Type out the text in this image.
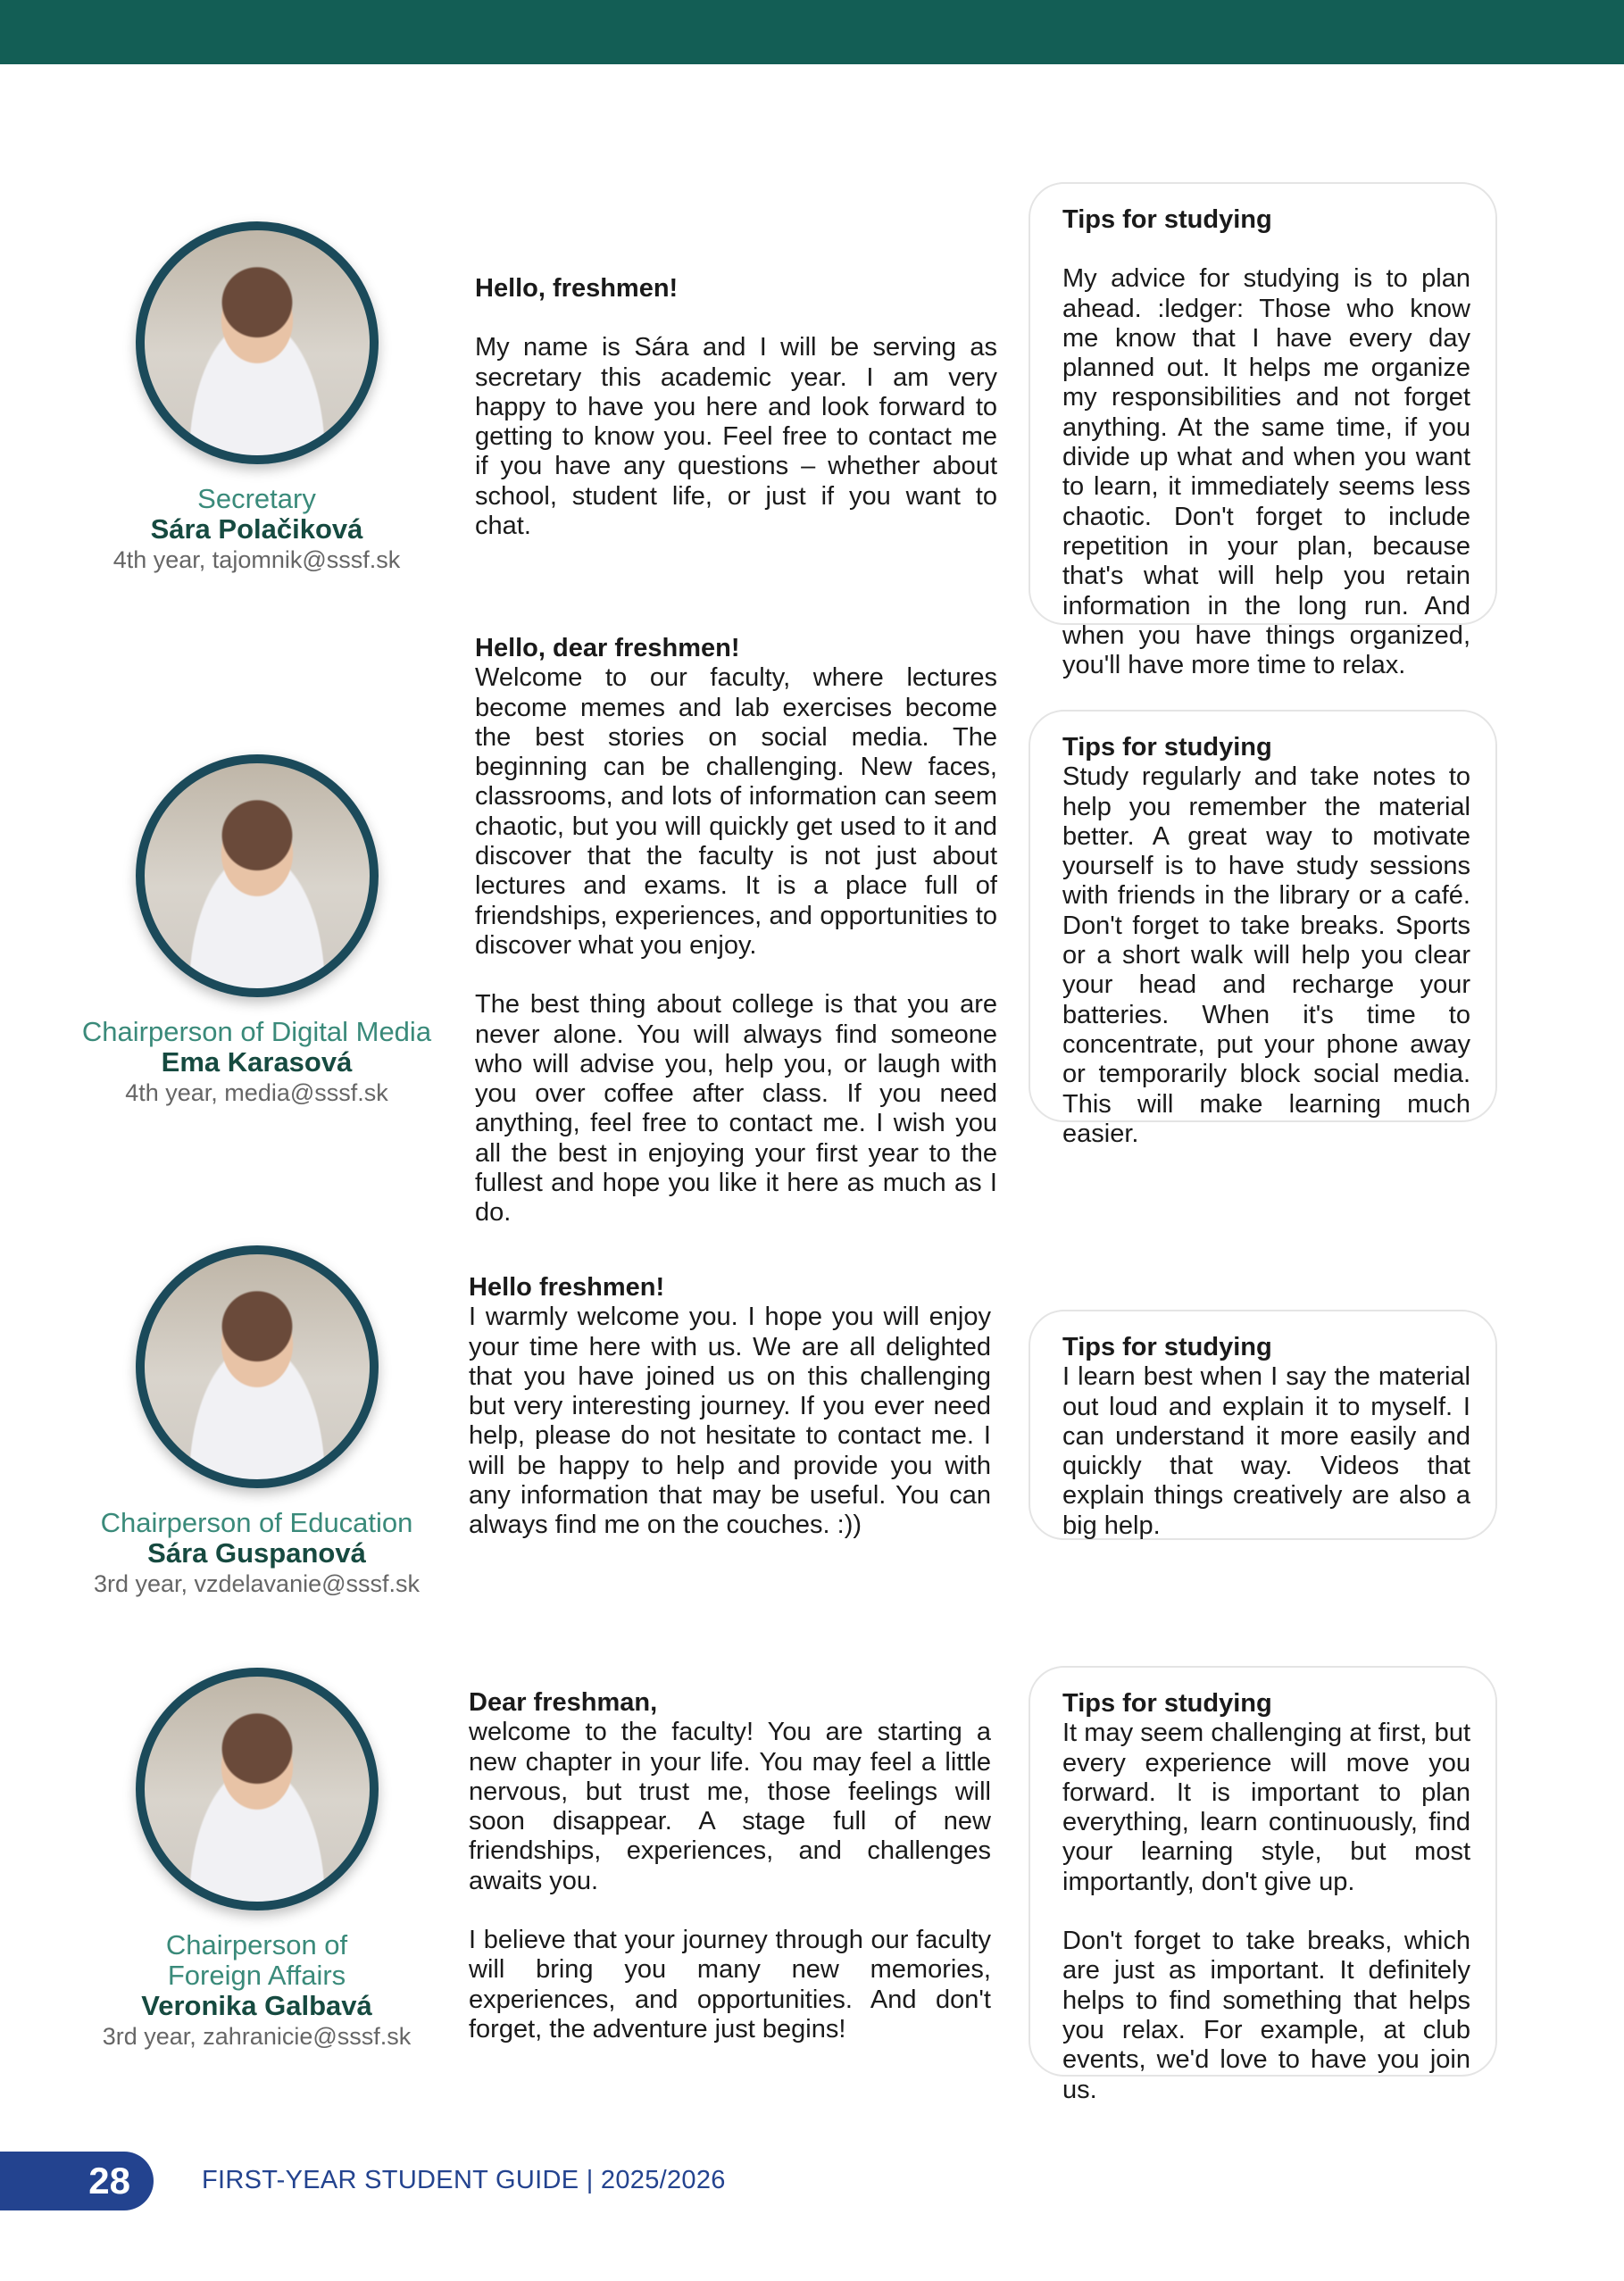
Secretary
Sára Polačiková
4th year, tajomnik@sssf.sk

Hello, freshmen!

My name is Sára and I will be serving as secretary this academic year. I am very happy to have you here and look forward to getting to know you. Feel free to contact me if you have any questions – whether about school, student life, or just if you want to chat.

Tips for studying

My advice for studying is to plan ahead. :ledger: Those who know me know that I have every day planned out. It helps me organize my responsibilities and not forget anything. At the same time, if you divide up what and when you want to learn, it immediately seems less chaotic. Don't forget to include repetition in your plan, because that's what will help you retain information in the long run. And when you have things organized, you'll have more time to relax.

Chairperson of Digital Media
Ema Karasová
4th year, media@sssf.sk

Hello, dear freshmen!

Welcome to our faculty, where lectures become memes and lab exercises become the best stories on social media. The beginning can be challenging. New faces, classrooms, and lots of information can seem chaotic, but you will quickly get used to it and discover that the faculty is not just about lectures and exams. It is a place full of friendships, experiences, and opportunities to discover what you enjoy.

The best thing about college is that you are never alone. You will always find someone who will advise you, help you, or laugh with you over coffee after class. If you need anything, feel free to contact me. I wish you all the best in enjoying your first year to the fullest and hope you like it here as much as I do.

Tips for studying

Study regularly and take notes to help you remember the material better. A great way to motivate yourself is to have study sessions with friends in the library or a café. Don't forget to take breaks. Sports or a short walk will help you clear your head and recharge your batteries. When it's time to concentrate, put your phone away or temporarily block social media. This will make learning much easier.

Chairperson of Education
Sára Guspanová
3rd year, vzdelavanie@sssf.sk

Hello freshmen!

I warmly welcome you. I hope you will enjoy your time here with us. We are all delighted that you have joined us on this challenging but very interesting journey. If you ever need help, please do not hesitate to contact me. I will be happy to help and provide you with any information that may be useful. You can always find me on the couches. :))

Tips for studying

I learn best when I say the material out loud and explain it to myself. I can understand it more easily and quickly that way. Videos that explain things creatively are also a big help.

Chairperson of Foreign Affairs
Veronika Galbavá
3rd year, zahranicie@sssf.sk

Dear freshman,

welcome to the faculty! You are starting a new chapter in your life. You may feel a little nervous, but trust me, those feelings will soon disappear. A stage full of new friendships, experiences, and challenges awaits you.

I believe that your journey through our faculty will bring you many new memories, experiences, and opportunities. And don't forget, the adventure just begins!

Tips for studying

It may seem challenging at first, but every experience will move you forward. It is important to plan everything, learn continuously, find your learning style, but most importantly, don't give up.

Don't forget to take breaks, which are just as important. It definitely helps to find something that helps you relax. For example, at club events, we'd love to have you join us.

28	FIRST-YEAR STUDENT GUIDE | 2025/2026
